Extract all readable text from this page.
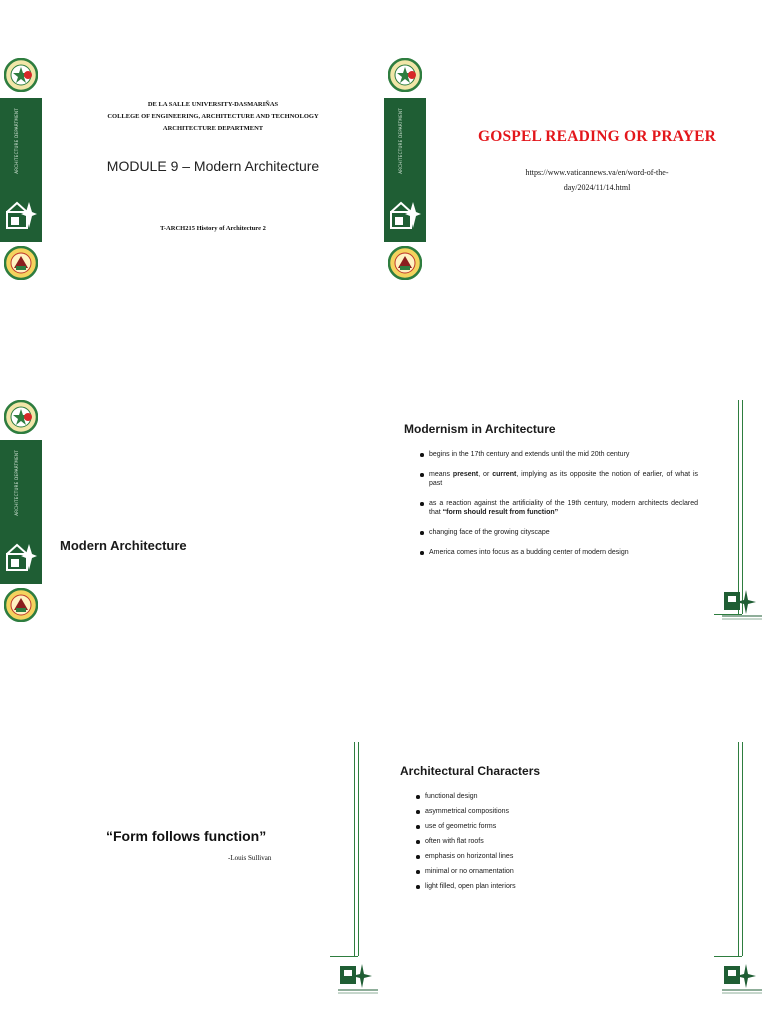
ARCHITECTURE DEPARTMENT
DE LA SALLE UNIVERSITY-DASMARIÑAS
COLLEGE OF ENGINEERING, ARCHITECTURE AND TECHNOLOGY
ARCHITECTURE DEPARTMENT
MODULE 9 – Modern Architecture
T-ARCH215 History of Architecture 2
ARCHITECTURE DEPARTMENT	GOSPEL READING OR PRAYER
https://www.vaticannews.va/en/word-of-the-
day/2024/11/14.html
ARCHITECTURE DEPARTMENT
Modern Architecture
Modernism in Architecture
begins in the 17th century and extends until the mid 20th century
means present, or current, implying as its opposite the notion of earlier, of what is past
as a reaction against the artificiality of the 19th century, modern architects declared that “form should result from function”
changing face of the growing cityscape
America comes into focus as a budding center of modern design
“Form follows function”
-Louis Sullivan
Architectural Characters
functional design
asymmetrical compositions
use of geometric forms
often with flat roofs
emphasis on horizontal lines
minimal or no ornamentation
light filled, open plan interiors
